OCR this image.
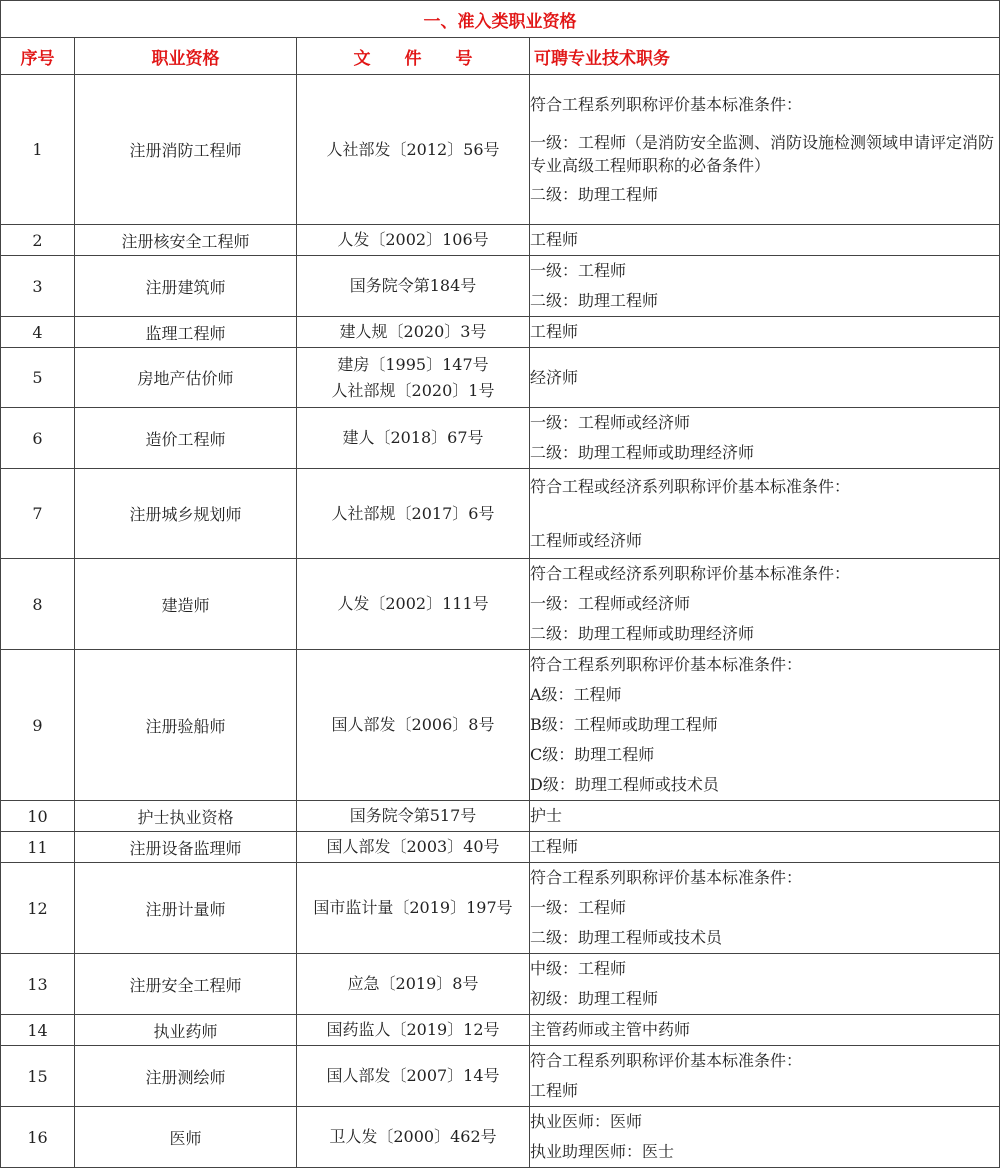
一、准入类职业资格			
序号	职业资格	文　　件　　号	可聘专业技术职务
1	注册消防工程师	人社部发〔2012〕56号	符合工程系列职称评价基本标准条件：
一级：工程师（是消防安全监测、消防设施检测领域申请评定消防专业高级工程师职称的必备条件）
二级：助理工程师

2	注册核安全工程师	人发〔2002〕106号	工程师

3	注册建筑师	国务院令第184号	一级：工程师
二级：助理工程师

4	监理工程师	建人规〔2020〕3号	工程师

5	房地产估价师	建房〔1995〕147号
人社部规〔2020〕1号	经济师

6	造价工程师	建人〔2018〕67号	一级：工程师或经济师
二级：助理工程师或助理经济师

7	注册城乡规划师	人社部规〔2017〕6号	符合工程或经济系列职称评价基本标准条件：
工程师或经济师

8	建造师	人发〔2002〕111号	符合工程或经济系列职称评价基本标准条件：
一级：工程师或经济师
二级：助理工程师或助理经济师

9	注册验船师	国人部发〔2006〕8号	符合工程系列职称评价基本标准条件：
A级：工程师
B级：工程师或助理工程师
C级：助理工程师
D级：助理工程师或技术员

10	护士执业资格	国务院令第517号	护士

11	注册设备监理师	国人部发〔2003〕40号	工程师

12	注册计量师	国市监计量〔2019〕197号	符合工程系列职称评价基本标准条件：
一级：工程师
二级：助理工程师或技术员

13	注册安全工程师	应急〔2019〕8号	中级：工程师
初级：助理工程师

14	执业药师	国药监人〔2019〕12号	主管药师或主管中药师

15	注册测绘师	国人部发〔2007〕14号	符合工程系列职称评价基本标准条件：
工程师

16	医师	卫人发〔2000〕462号	执业医师：医师
执业助理医师：医士
